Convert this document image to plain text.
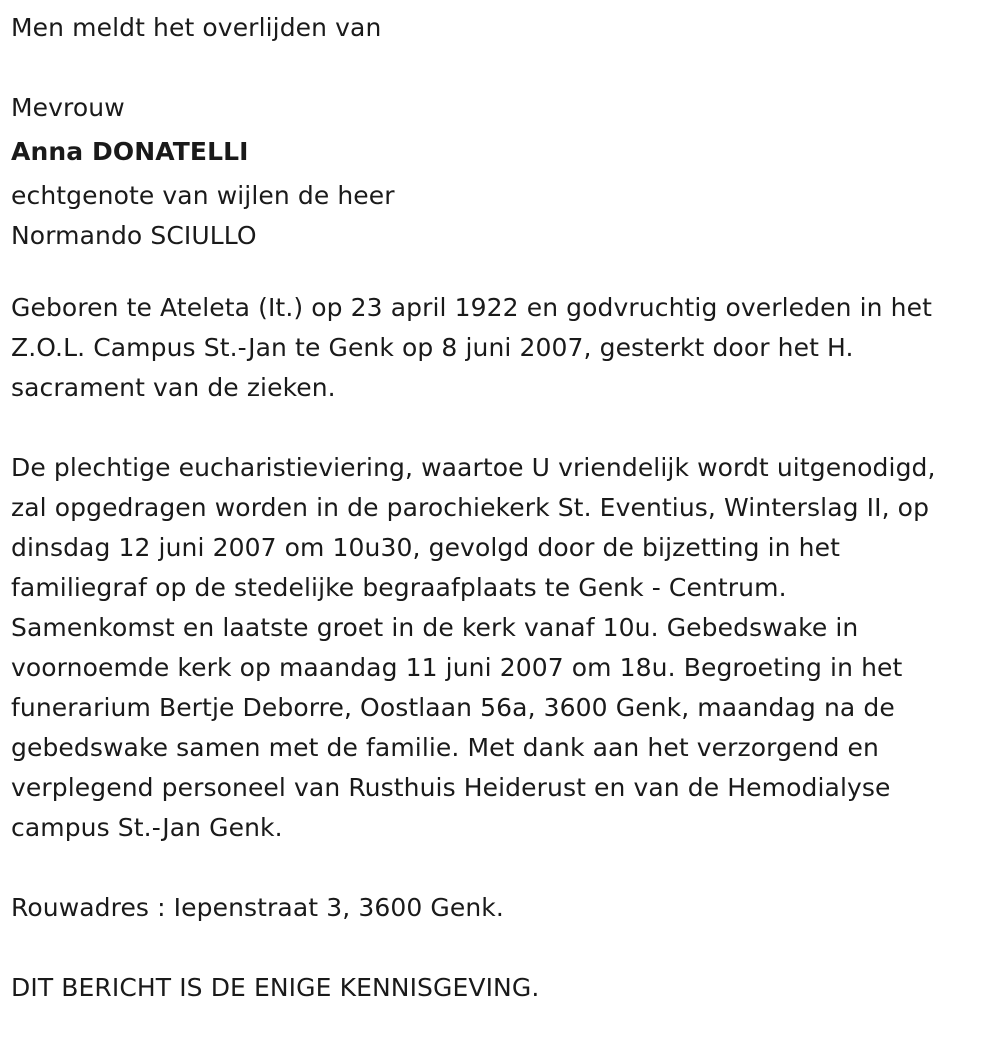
Men meldt het overlijden van
Mevrouw
Anna DONATELLI
echtgenote van wijlen de heer
Normando SCIULLO
Geboren te Ateleta (It.) op 23 april 1922 en godvruchtig overleden in het
Z.O.L. Campus St.-Jan te Genk op 8 juni 2007, gesterkt door het H.
sacrament van de zieken.
De plechtige eucharistieviering, waartoe U vriendelijk wordt uitgenodigd,
zal opgedragen worden in de parochiekerk St. Eventius, Winterslag II, op
dinsdag 12 juni 2007 om 10u30, gevolgd door de bijzetting in het
familiegraf op de stedelijke begraafplaats te Genk - Centrum.
Samenkomst en laatste groet in de kerk vanaf 10u. Gebedswake in
voornoemde kerk op maandag 11 juni 2007 om 18u. Begroeting in het
funerarium Bertje Deborre, Oostlaan 56a, 3600 Genk, maandag na de
gebedswake samen met de familie. Met dank aan het verzorgend en
verplegend personeel van Rusthuis Heiderust en van de Hemodialyse
campus St.-Jan Genk.
Rouwadres : Iepenstraat 3, 3600 Genk.
DIT BERICHT IS DE ENIGE KENNISGEVING.
